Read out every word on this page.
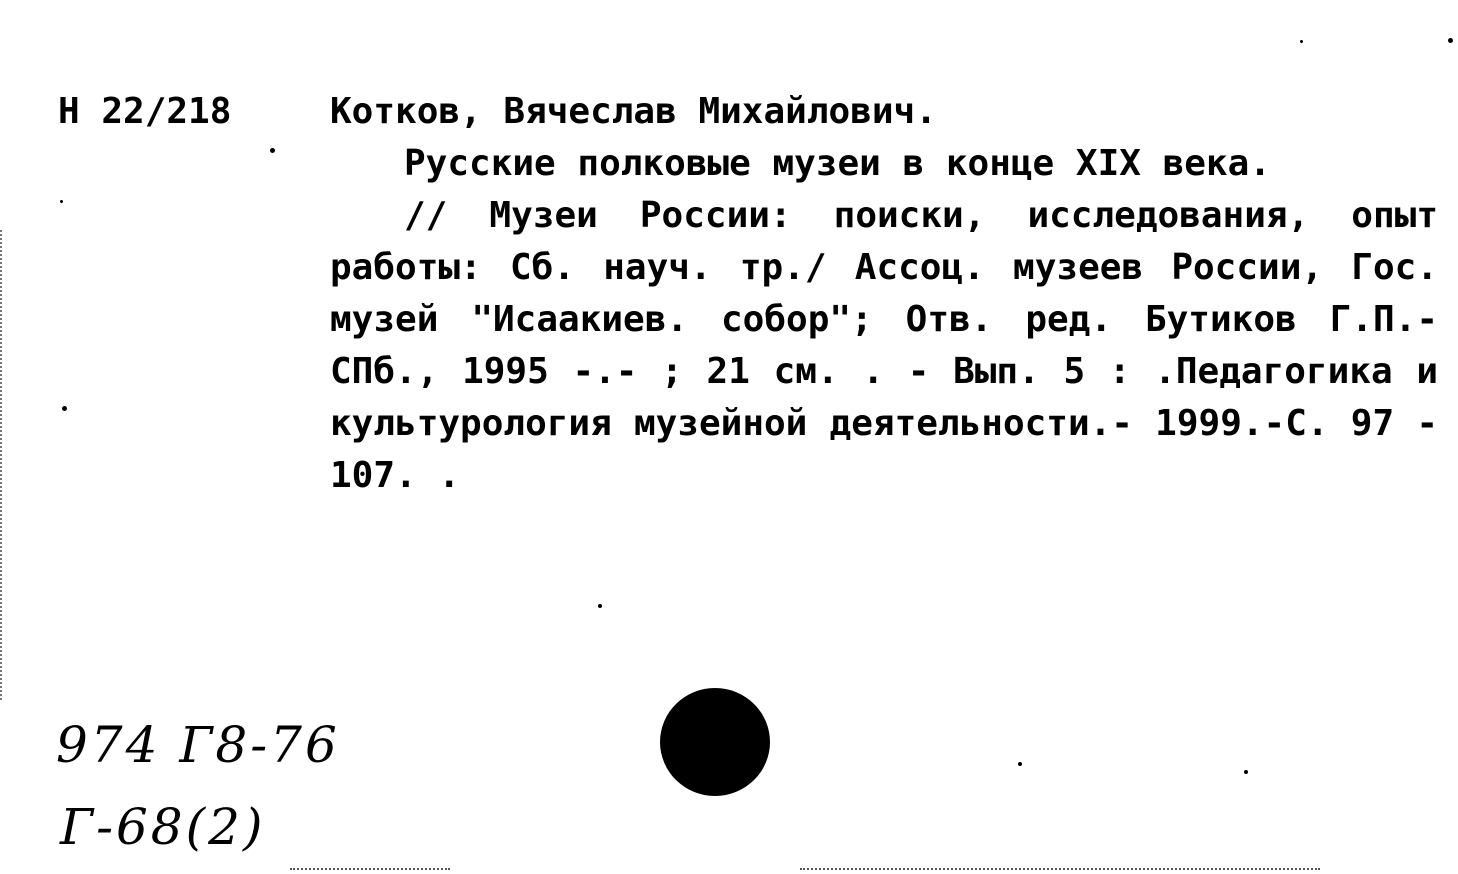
Н 22/218	Котков, Вячеслав Михайлович.
Русские полковые музеи в конце XIX века.
// Музеи России: поиски, исследования, опыт работы: Сб. науч. тр./ Ассоц. музеев России, Гос. музей "Исаакиев. собор"; Отв. ред. Бутиков Г.П.- СПб., 1995 -.- ; 21 см. . - Вып. 5 : .Педагогика и культурология музейной деятельности.- 1999.-С. 97 - 107. .
974 Г8-76
Г-68(2)
